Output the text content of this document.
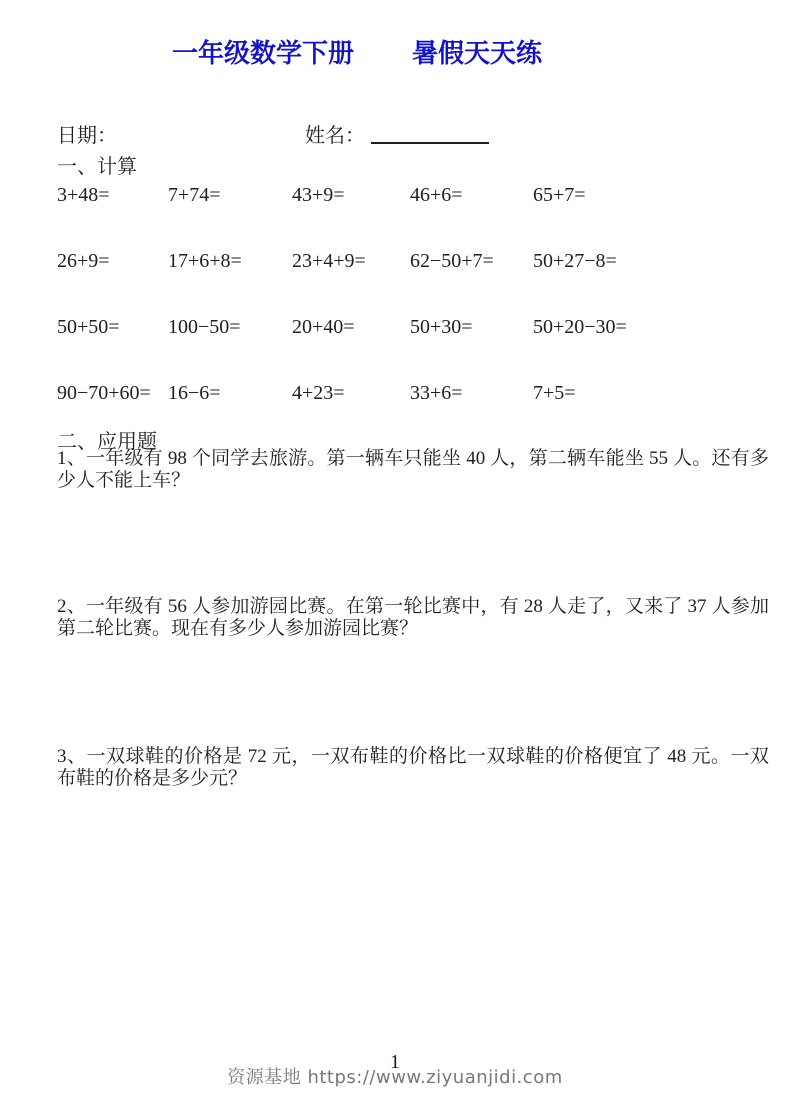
一年级数学下册 暑假天天练
日期：	姓名：
一、计算
3+48=	7+74=	43+9=	46+6=	65+7=
26+9=	17+6+8=	23+4+9=	62−50+7=	50+27−8=
50+50=	100−50=	20+40=	50+30=	50+20−30=
90−70+60= 16−6=	4+23=	33+6=	7+5=
二、应用题
1、一年级有 98 个同学去旅游。第一辆车只能坐 40 人，第二辆车能坐 55 人。还有多少人不能上车？
2、一年级有 56 人参加游园比赛。在第一轮比赛中，有 28 人走了，又来了 37 人参加第二轮比赛。现在有多少人参加游园比赛？
3、一双球鞋的价格是 72 元，一双布鞋的价格比一双球鞋的价格便宜了 48 元。一双布鞋的价格是多少元？
1
资源基地 https://www.ziyuanjidi.com
